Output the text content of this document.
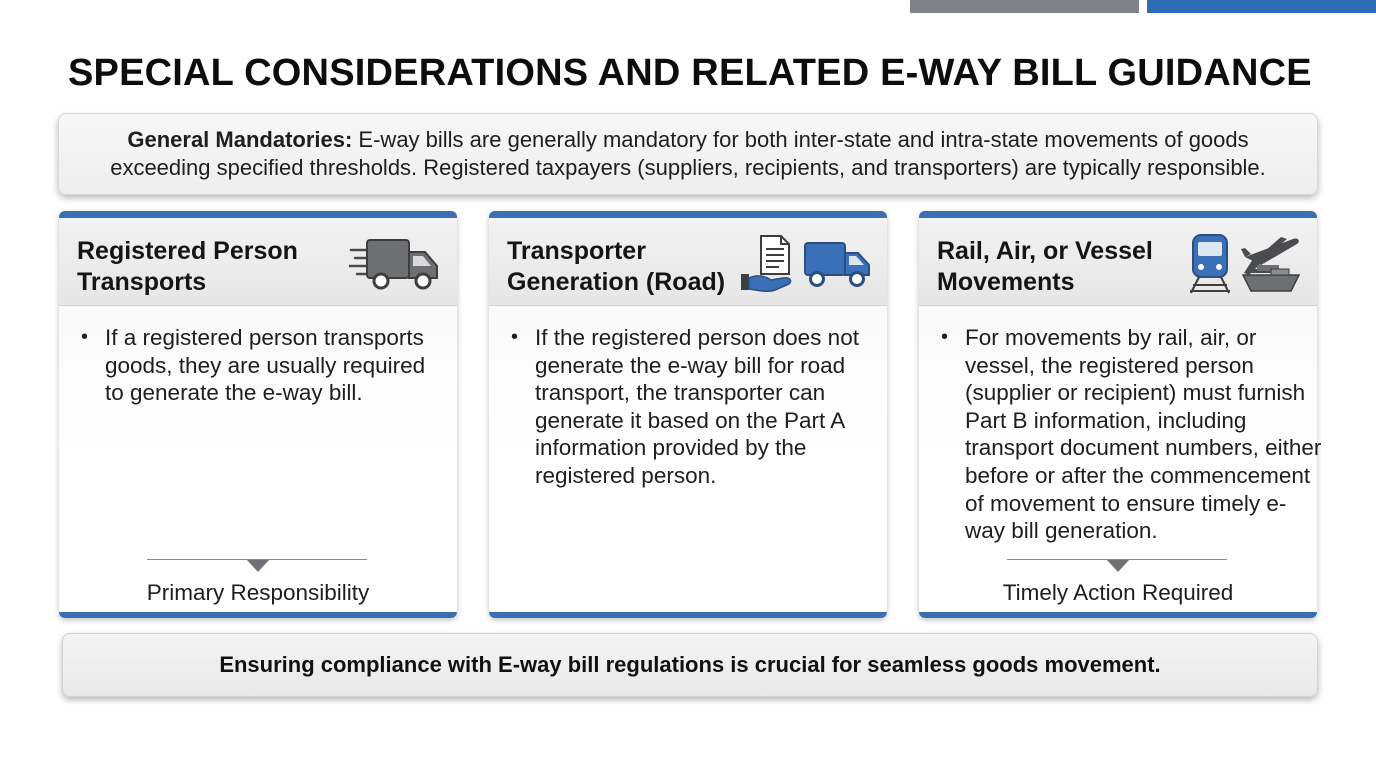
SPECIAL CONSIDERATIONS AND RELATED E-WAY BILL GUIDANCE

General Mandatories: E-way bills are generally mandatory for both inter-state and intra-state movements of goods exceeding specified thresholds. Registered taxpayers (suppliers, recipients, and transporters) are typically responsible.

Registered Person Transports
• If a registered person transports goods, they are usually required to generate the e-way bill.
Primary Responsibility
Transporter Generation (Road)
• If the registered person does not generate the e-way bill for road transport, the transporter can generate it based on the Part A information provided by the registered person.
Rail, Air, or Vessel Movements
• For movements by rail, air, or vessel, the registered person (supplier or recipient) must furnish Part B information, including transport document numbers, either before or after the commencement of movement to ensure timely e-way bill generation.
Timely Action Required
Ensuring compliance with E-way bill regulations is crucial for seamless goods movement.
